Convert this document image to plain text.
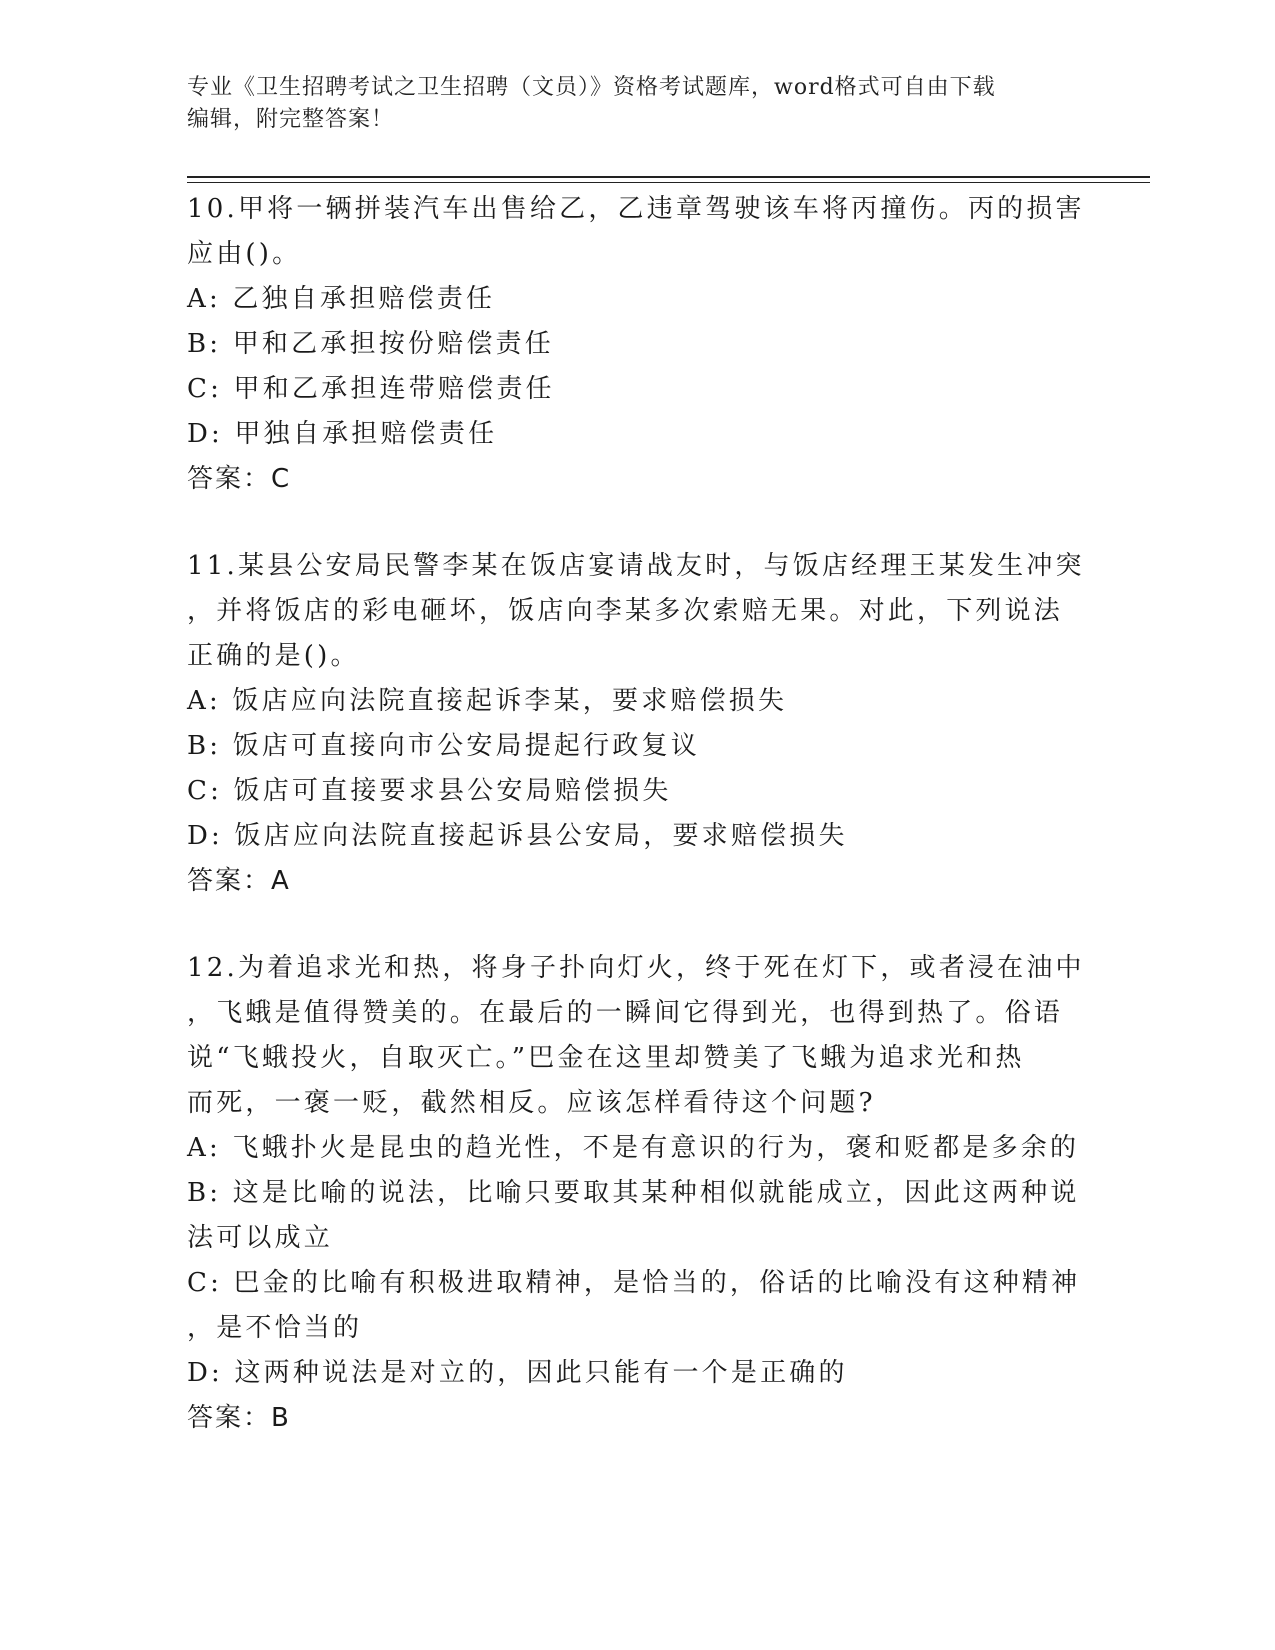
专业《卫生招聘考试之卫生招聘（文员）》资格考试题库，word格式可自由下载
编辑，附完整答案！
10.甲将一辆拼装汽车出售给乙，乙违章驾驶该车将丙撞伤。丙的损害
应由()。
A: 乙独自承担赔偿责任
B: 甲和乙承担按份赔偿责任
C: 甲和乙承担连带赔偿责任
D: 甲独自承担赔偿责任
答案：C
11.某县公安局民警李某在饭店宴请战友时，与饭店经理王某发生冲突
，并将饭店的彩电砸坏，饭店向李某多次索赔无果。对此，下列说法
正确的是()。
A: 饭店应向法院直接起诉李某，要求赔偿损失
B: 饭店可直接向市公安局提起行政复议
C: 饭店可直接要求县公安局赔偿损失
D: 饭店应向法院直接起诉县公安局，要求赔偿损失
答案：A
12.为着追求光和热，将身子扑向灯火，终于死在灯下，或者浸在油中
，飞蛾是值得赞美的。在最后的一瞬间它得到光，也得到热了。俗语
说“飞蛾投火，自取灭亡。”巴金在这里却赞美了飞蛾为追求光和热
而死，一褒一贬，截然相反。应该怎样看待这个问题?
A: 飞蛾扑火是昆虫的趋光性，不是有意识的行为，褒和贬都是多余的
B: 这是比喻的说法，比喻只要取其某种相似就能成立，因此这两种说
法可以成立
C: 巴金的比喻有积极进取精神，是恰当的，俗话的比喻没有这种精神
，是不恰当的
D: 这两种说法是对立的，因此只能有一个是正确的
答案：B
